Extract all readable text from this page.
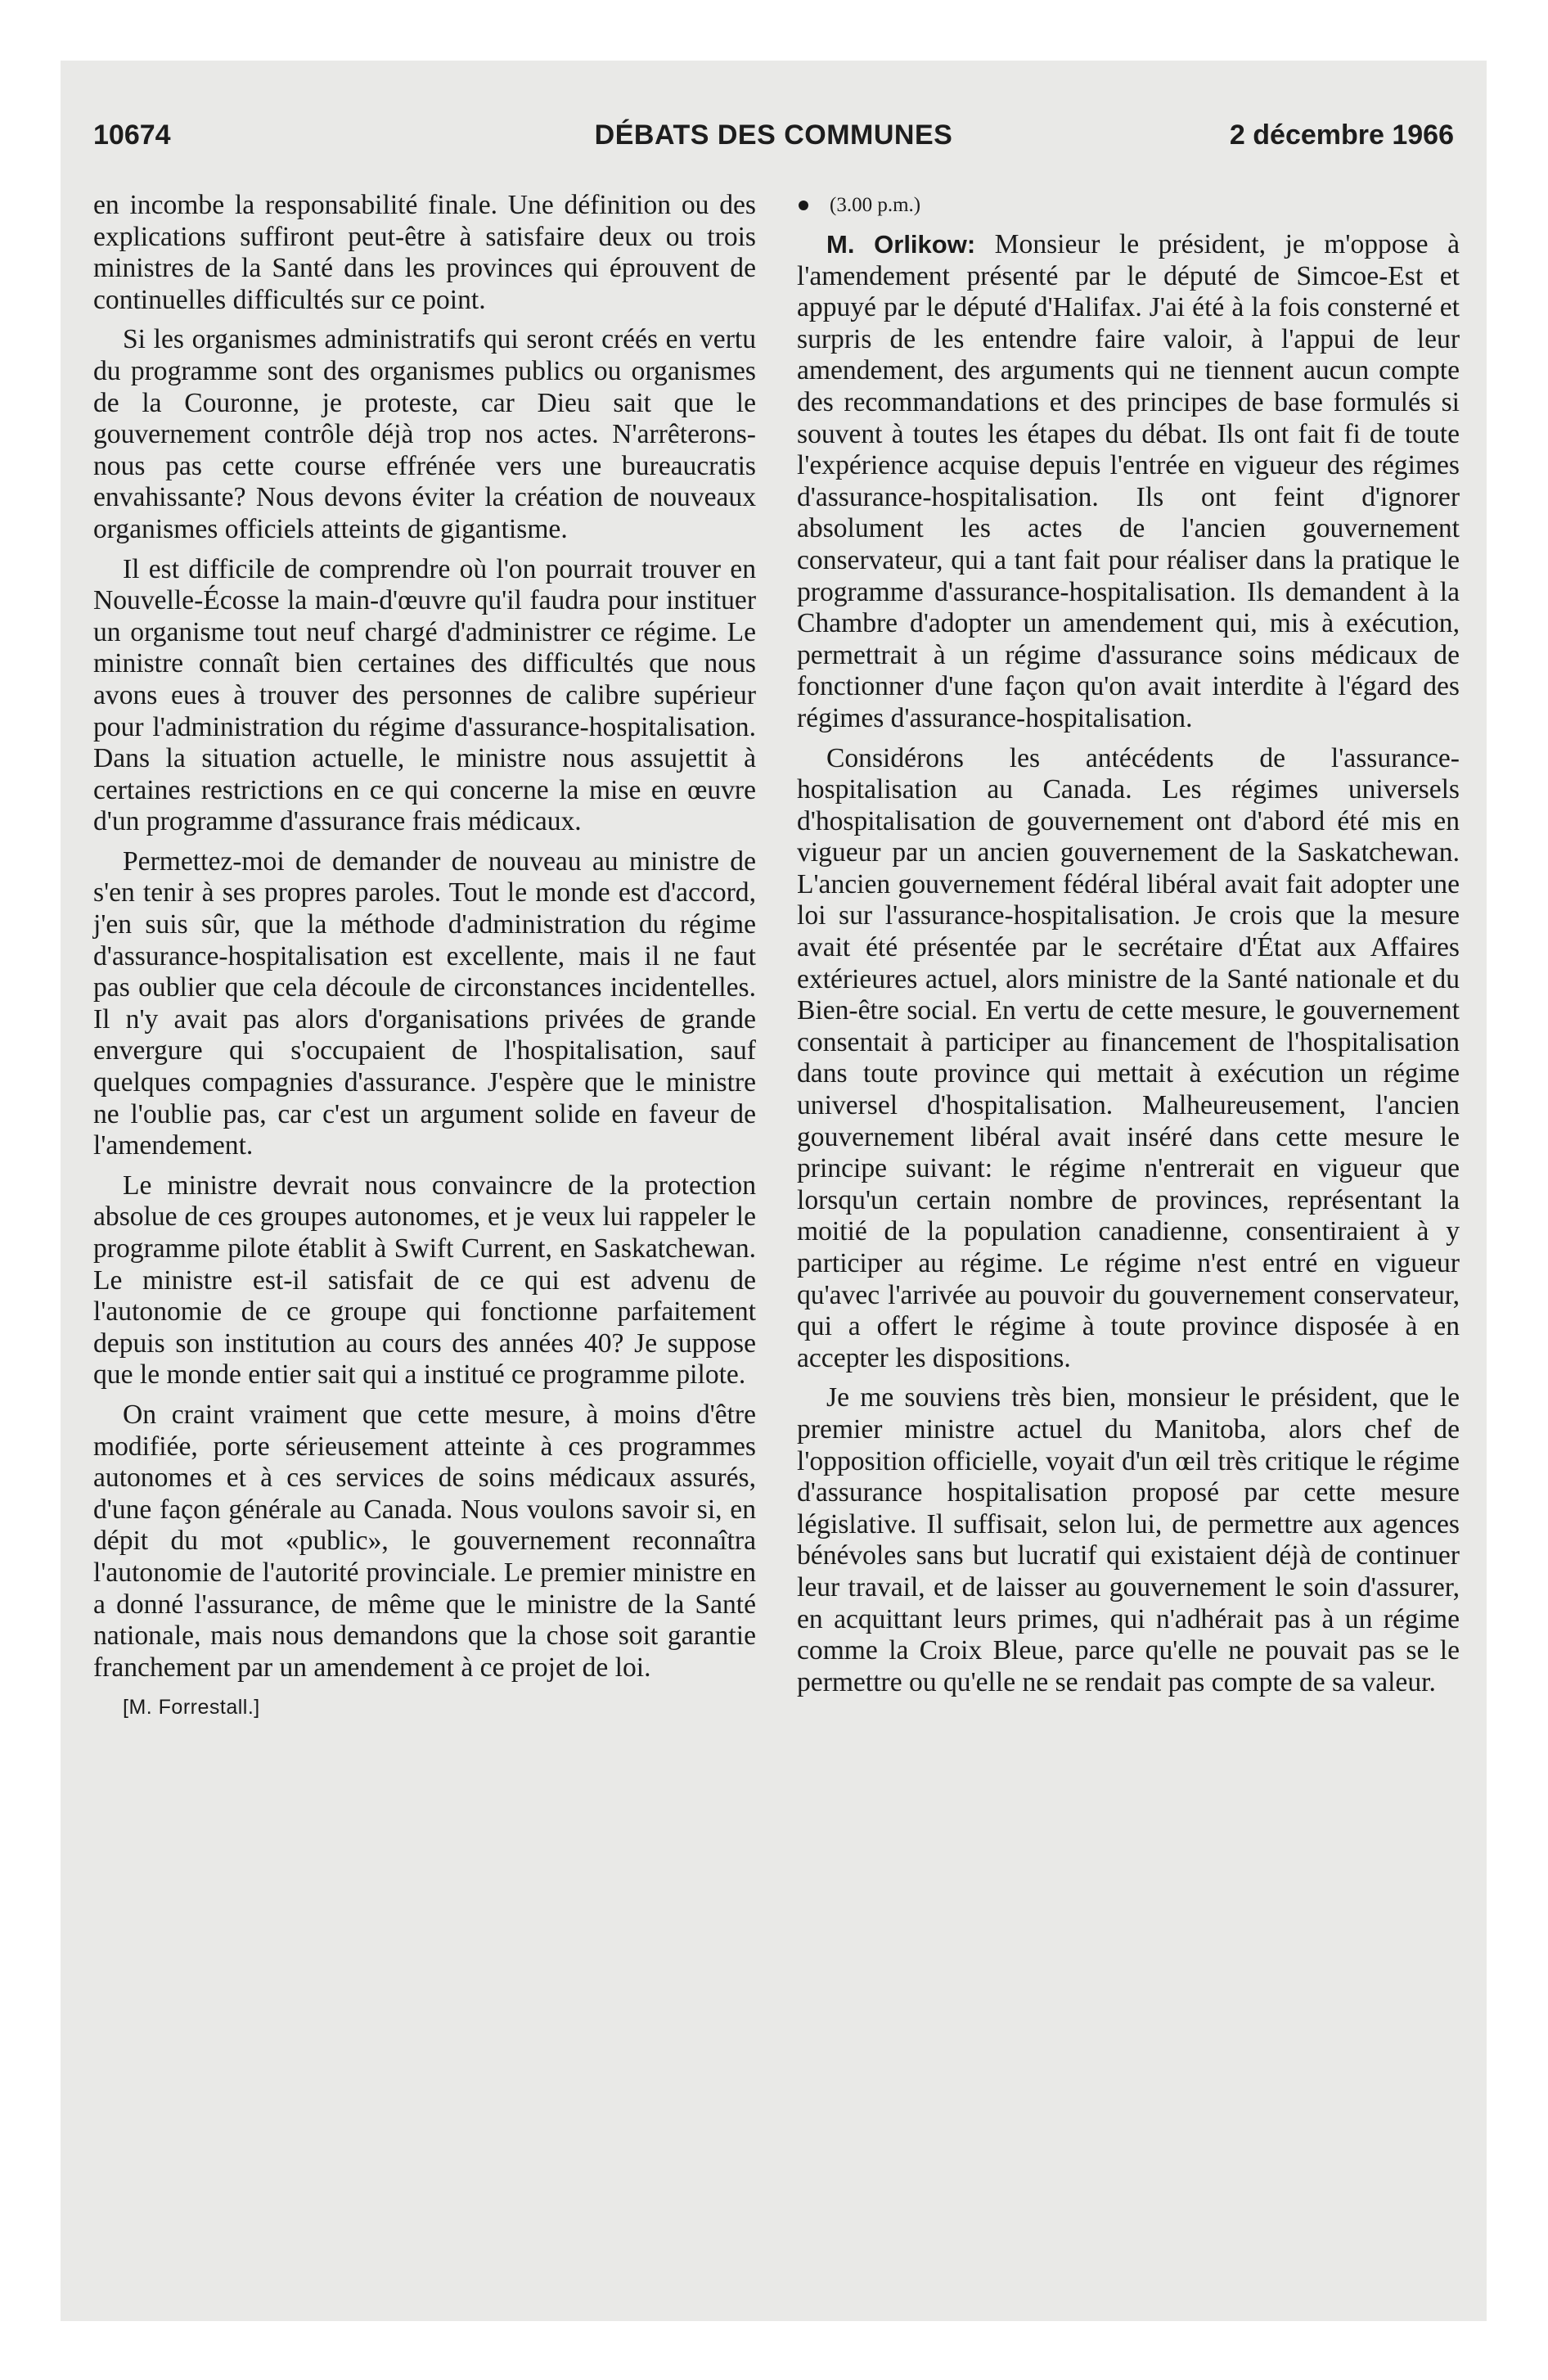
10674	DÉBATS DES COMMUNES	2 décembre 1966

en incombe la responsabilité finale. Une définition ou des explications suffiront peut-être à satisfaire deux ou trois ministres de la Santé dans les provinces qui éprouvent de continuelles difficultés sur ce point.

Si les organismes administratifs qui seront créés en vertu du programme sont des organismes publics ou organismes de la Couronne, je proteste, car Dieu sait que le gouvernement contrôle déjà trop nos actes. N'arrêterons-nous pas cette course effrénée vers une bureaucratis envahissante? Nous devons éviter la création de nouveaux organismes officiels atteints de gigantisme.

Il est difficile de comprendre où l'on pourrait trouver en Nouvelle-Écosse la main-d'œuvre qu'il faudra pour instituer un organisme tout neuf chargé d'administrer ce régime. Le ministre connaît bien certaines des difficultés que nous avons eues à trouver des personnes de calibre supérieur pour l'administration du régime d'assurance-hospitalisation. Dans la situation actuelle, le ministre nous assujettit à certaines restrictions en ce qui concerne la mise en œuvre d'un programme d'assurance frais médicaux.

Permettez-moi de demander de nouveau au ministre de s'en tenir à ses propres paroles. Tout le monde est d'accord, j'en suis sûr, que la méthode d'administration du régime d'assurance-hospitalisation est excellente, mais il ne faut pas oublier que cela découle de circonstances incidentelles. Il n'y avait pas alors d'organisations privées de grande envergure qui s'occupaient de l'hospitalisation, sauf quelques compagnies d'assurance. J'espère que le ministre ne l'oublie pas, car c'est un argument solide en faveur de l'amendement.

Le ministre devrait nous convaincre de la protection absolue de ces groupes autonomes, et je veux lui rappeler le programme pilote établit à Swift Current, en Saskatchewan. Le ministre est-il satisfait de ce qui est advenu de l'autonomie de ce groupe qui fonctionne parfaitement depuis son institution au cours des années 40? Je suppose que le monde entier sait qui a institué ce programme pilote.

On craint vraiment que cette mesure, à moins d'être modifiée, porte sérieusement atteinte à ces programmes autonomes et à ces services de soins médicaux assurés, d'une façon générale au Canada. Nous voulons savoir si, en dépit du mot «public», le gouvernement reconnaîtra l'autonomie de l'autorité provinciale. Le premier ministre en a donné l'assurance, de même que le ministre de la Santé nationale, mais nous demandons que la chose soit garantie franchement par un amendement à ce projet de loi.

[M. Forrestall.]

(3.00 p.m.)

M. Orlikow: Monsieur le président, je m'oppose à l'amendement présenté par le député de Simcoe-Est et appuyé par le député d'Halifax. J'ai été à la fois consterné et surpris de les entendre faire valoir, à l'appui de leur amendement, des arguments qui ne tiennent aucun compte des recommandations et des principes de base formulés si souvent à toutes les étapes du débat. Ils ont fait fi de toute l'expérience acquise depuis l'entrée en vigueur des régimes d'assurance-hospitalisation. Ils ont feint d'ignorer absolument les actes de l'ancien gouvernement conservateur, qui a tant fait pour réaliser dans la pratique le programme d'assurance-hospitalisation. Ils demandent à la Chambre d'adopter un amendement qui, mis à exécution, permettrait à un régime d'assurance soins médicaux de fonctionner d'une façon qu'on avait interdite à l'égard des régimes d'assurance-hospitalisation.

Considérons les antécédents de l'assurance-hospitalisation au Canada. Les régimes universels d'hospitalisation de gouvernement ont d'abord été mis en vigueur par un ancien gouvernement de la Saskatchewan. L'ancien gouvernement fédéral libéral avait fait adopter une loi sur l'assurance-hospitalisation. Je crois que la mesure avait été présentée par le secrétaire d'État aux Affaires extérieures actuel, alors ministre de la Santé nationale et du Bien-être social. En vertu de cette mesure, le gouvernement consentait à participer au financement de l'hospitalisation dans toute province qui mettait à exécution un régime universel d'hospitalisation. Malheureusement, l'ancien gouvernement libéral avait inséré dans cette mesure le principe suivant: le régime n'entrerait en vigueur que lorsqu'un certain nombre de provinces, représentant la moitié de la population canadienne, consentiraient à y participer au régime. Le régime n'est entré en vigueur qu'avec l'arrivée au pouvoir du gouvernement conservateur, qui a offert le régime à toute province disposée à en accepter les dispositions.

Je me souviens très bien, monsieur le président, que le premier ministre actuel du Manitoba, alors chef de l'opposition officielle, voyait d'un œil très critique le régime d'assurance hospitalisation proposé par cette mesure législative. Il suffisait, selon lui, de permettre aux agences bénévoles sans but lucratif qui existaient déjà de continuer leur travail, et de laisser au gouvernement le soin d'assurer, en acquittant leurs primes, qui n'adhérait pas à un régime comme la Croix Bleue, parce qu'elle ne pouvait pas se le permettre ou qu'elle ne se rendait pas compte de sa valeur.
